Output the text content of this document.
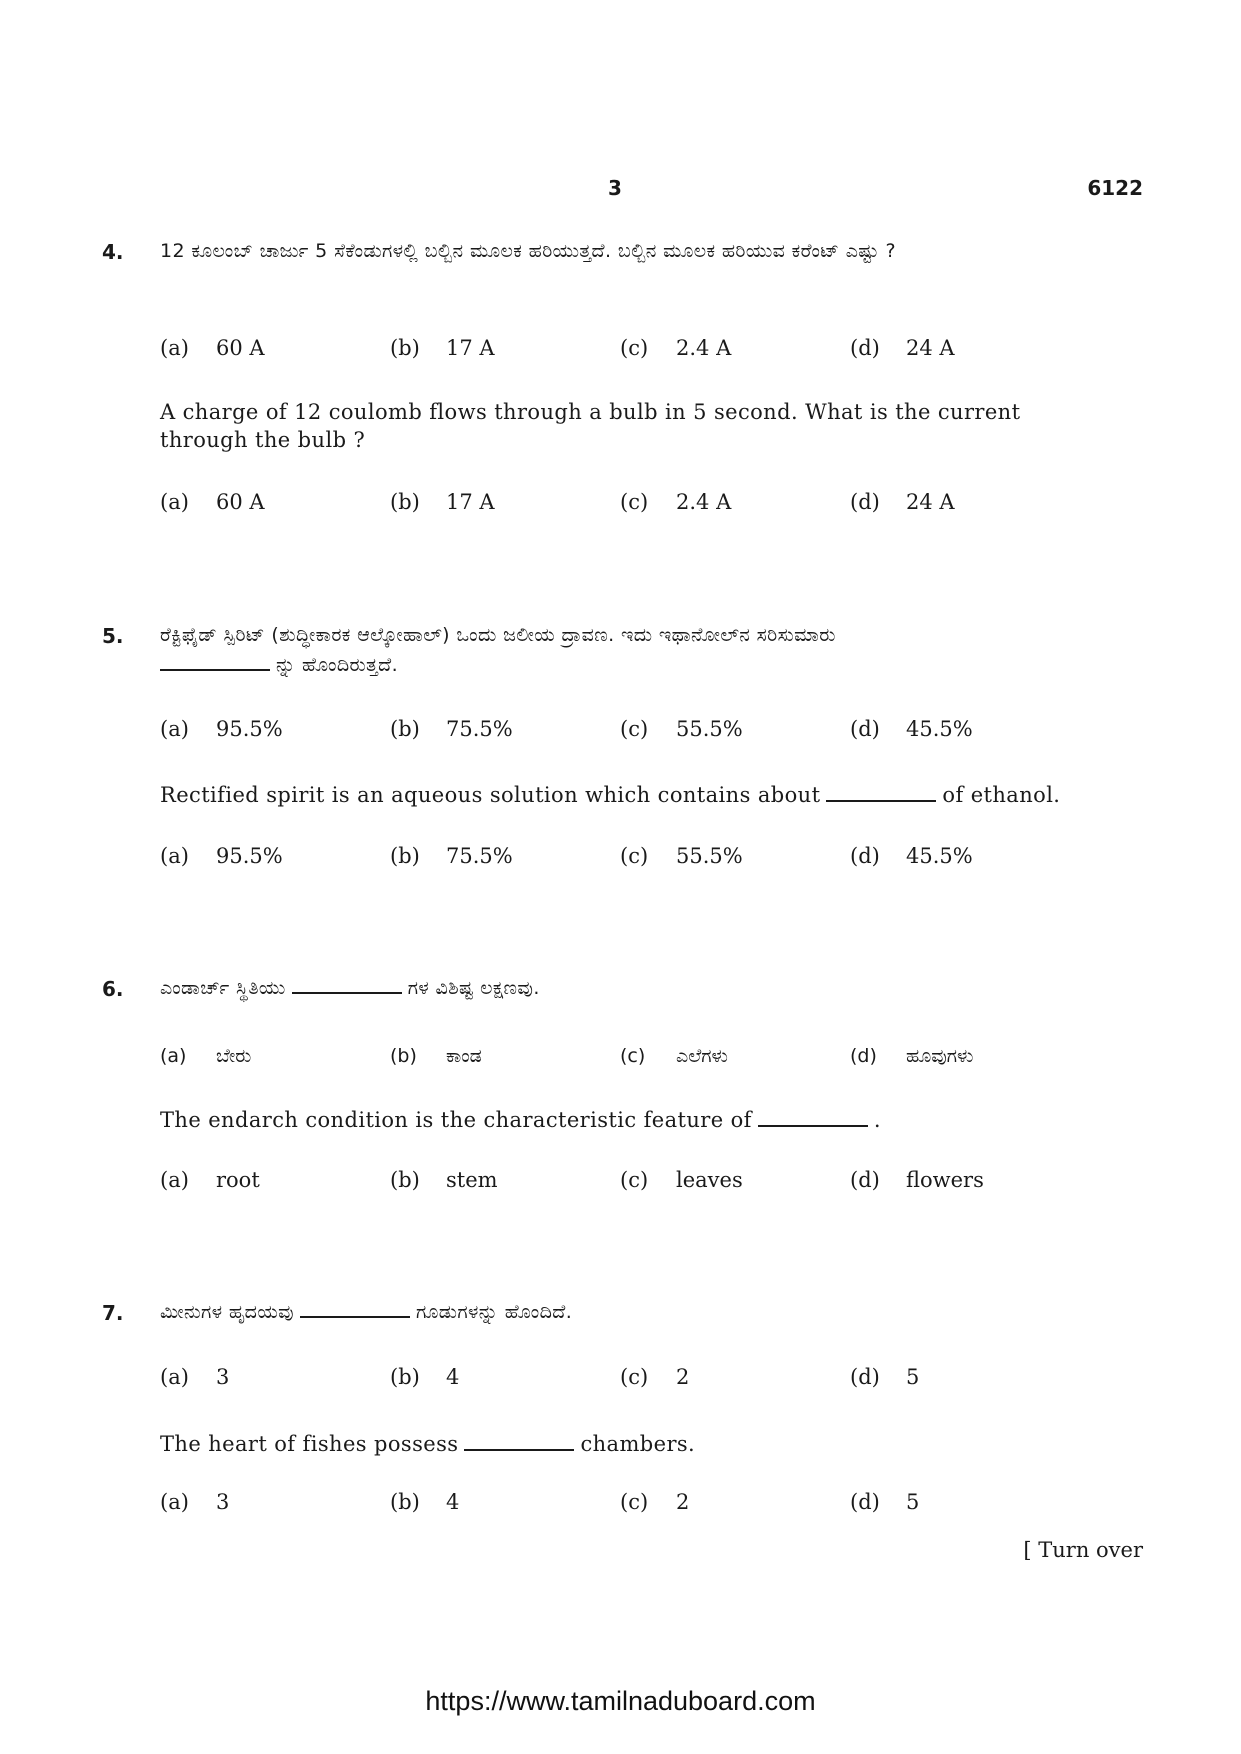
3	6122
4. 12 ಕೂಲಂಬ್ ಚಾರ್ಜು 5 ಸೆಕೆಂಡುಗಳಲ್ಲಿ ಬಲ್ಬಿನ ಮೂಲಕ ಹರಿಯುತ್ತದೆ. ಬಲ್ಬಿನ ಮೂಲಕ ಹರಿಯುವ ಕರೆಂಟ್ ಎಷ್ಟು ?
(a) 60 A	(b) 17 A	(c) 2.4 A	(d) 24 A
A charge of 12 coulomb flows through a bulb in 5 second. What is the current through the bulb ?
(a) 60 A	(b) 17 A	(c) 2.4 A	(d) 24 A
5. ರೆಕ್ಟಿಫೈಡ್ ಸ್ಪಿರಿಟ್ (ಶುದ್ಧೀಕಾರಕ ಆಲ್ಕೋಹಾಲ್) ಒಂದು ಜಲೀಯ ದ್ರಾವಣ. ಇದು ಇಥಾನೋಲ್‌ನ ಸರಿಸುಮಾರು
ನ್ನು ಹೊಂದಿರುತ್ತದೆ.
(a) 95.5%	(b) 75.5%	(c) 55.5%	(d) 45.5%
Rectified spirit is an aqueous solution which contains about	of ethanol.
(a) 95.5%	(b) 75.5%	(c) 55.5%	(d) 45.5%
6. ಎಂಡಾರ್ಚ್ ಸ್ಥಿತಿಯು	ಗಳ ವಿಶಿಷ್ಟ ಲಕ್ಷಣವು.
(a) ಬೇರು	(b) ಕಾಂಡ	(c) ಎಲೆಗಳು	(d) ಹೂವುಗಳು
The endarch condition is the characteristic feature of	.
(a) root	(b) stem	(c) leaves	(d) flowers
7. ಮೀನುಗಳ ಹೃದಯವು	ಗೂಡುಗಳನ್ನು ಹೊಂದಿದೆ.
(a) 3	(b) 4	(c) 2	(d) 5
The heart of fishes possess	chambers.
(a) 3	(b) 4	(c) 2	(d) 5
[ Turn over
https://www.tamilnaduboard.com
